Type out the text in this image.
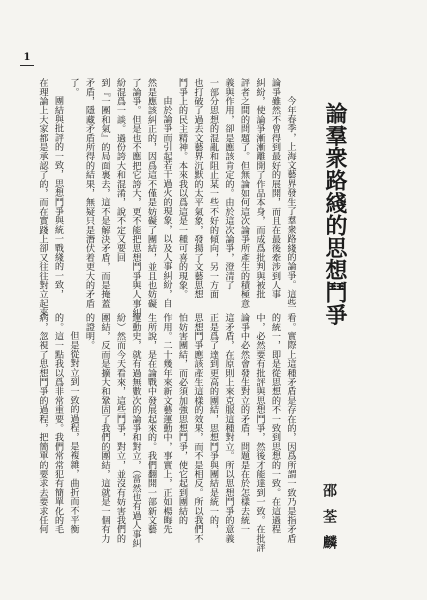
1
論羣衆路綫的思想鬥爭
邵荃麟
今年春季，上海文藝界發生了羣衆路綫的論爭。這些
論爭雖然不曾得到最好的展開，而且在最後牽涉到人事
糾紛，使論爭漸漸離開了作品本身，而成爲批判與被批
評者之間的問題了。但無論如何這次論爭所產生的積極意
義與作用，卻是應該肯定的。由於這次論爭，澄清了
一部分思想的混亂和阻止某一些不好的傾向，另一方面
也打破了過去文藝界沉默的太平氣象，發揚了文藝思想
鬥爭上的民主精神。本來我以爲這是一種可喜的現象。
由於論爭而引起若干過火的現象，以及人事糾紛，自
然是應該糾正的，因爲這不僅是妨礙了團結，並且也妨礙
了論爭。但是也不應把它誇大，更不能把思想鬥爭與人事糾
紛混爲一談。過份誇大和混淆，說不定又要回
到『一團和氣』的局面裏去，這不是解決矛盾，而是掩蓋
矛盾，隱藏矛盾所得的結果，無疑只是潛伏着更大的矛盾
了。
團結與批評的一致，思想鬥爭與統一戰綫的一致，
在理論上大家都是承認了的，而在實踐上卻又往往對立起來
看。實際上這種矛盾是存在的，因爲所謂一致乃是指矛盾
的統一，即是從思想的不一致到思想的一致。在這過程
中，必然要有批評與思想鬥爭，然後才能達到一致。在批評
論爭中必然會發生對立的矛盾，問題是在於怎樣去統一
這矛盾，在原則上來克服這種對立。所以思想鬥爭的意義
正是爲了達到更高的團結，思想鬥爭與團結是統一的，
思想鬥爭應該產生這樣的效果，而不是相反。所以我們不
怕妨害團結，而必須加強思想鬥爭，使它起到團結的
作用。二十幾年來新文藝運動中，事實上，正如楊晦先
生所說，是在論戰中發展起來的。我們翻開一部新文藝
運動史，就有過無數次的論爭和對立，（當然也有過人事糾
紛）然而今天看來，這些鬥爭，對立，並沒有妨害我們的
團結，反而是擴大和鞏固了我們的團結，這就是一個有力
的證明。
但是從對立到一致的過程，是複雜，曲折而不平衡
的。這一點我以爲非常重要。我們常常犯有簡單化的毛
病，忽視了思想鬥爭的過程，把簡單的要求去要求任何
